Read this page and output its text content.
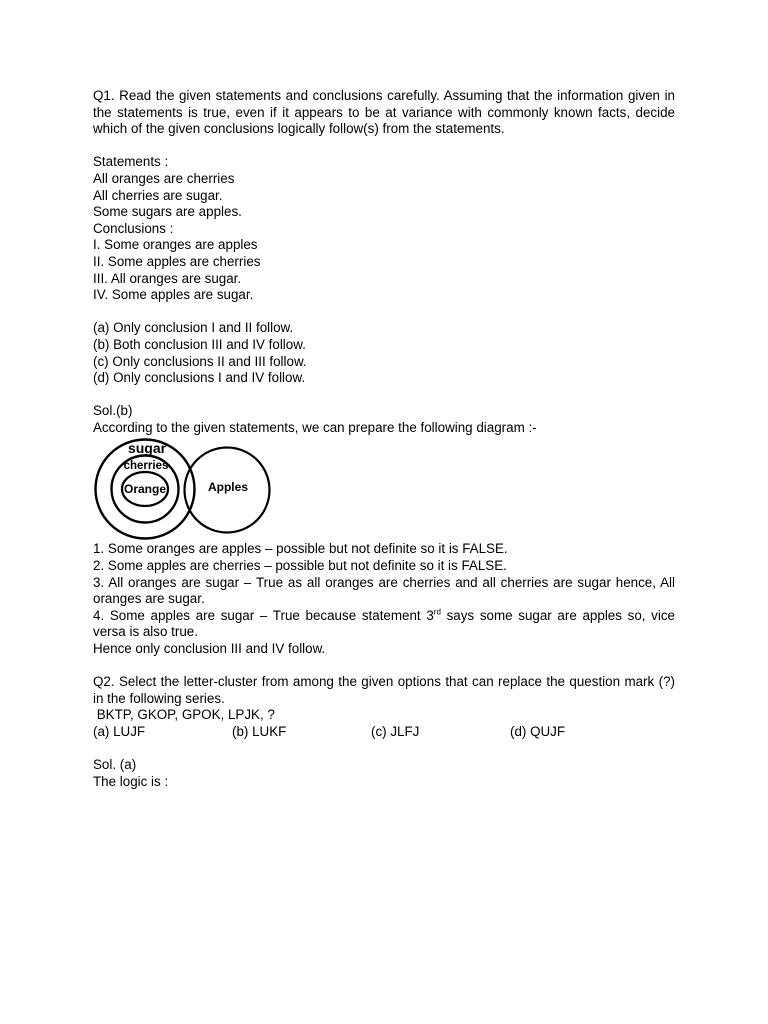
Q1. Read the given statements and conclusions carefully. Assuming that the information given in the statements is true, even if it appears to be at variance with commonly known facts, decide which of the given conclusions logically follow(s) from the statements.

Statements :

All oranges are cherries

All cherries are sugar.

Some sugars are apples.

Conclusions :

I. Some oranges are apples

II. Some apples are cherries

III. All oranges are sugar.

IV. Some apples are sugar.

(a) Only conclusion I and II follow.

(b) Both conclusion III and IV follow.

(c) Only conclusions II and III follow.

(d) Only conclusions I and IV follow.

Sol.(b)

According to the given statements, we can prepare the following diagram :-

sugar
cherries
Orange	Apples

1. Some oranges are apples – possible but not definite so it is FALSE.

2. Some apples are cherries – possible but not definite so it is FALSE.

3. All oranges are sugar – True as all oranges are cherries and all cherries are sugar hence, All oranges are sugar.

4. Some apples are sugar – True because statement 3rd says some sugar are apples so, vice versa is also true.

Hence only conclusion III and IV follow.

Q2. Select the letter-cluster from among the given options that can replace the question mark (?) in the following series.

BKTP, GKOP, GPOK, LPJK, ?

(a) LUJF	(b) LUKF	(c) JLFJ	(d) QUJF

Sol. (a)

The logic is :
